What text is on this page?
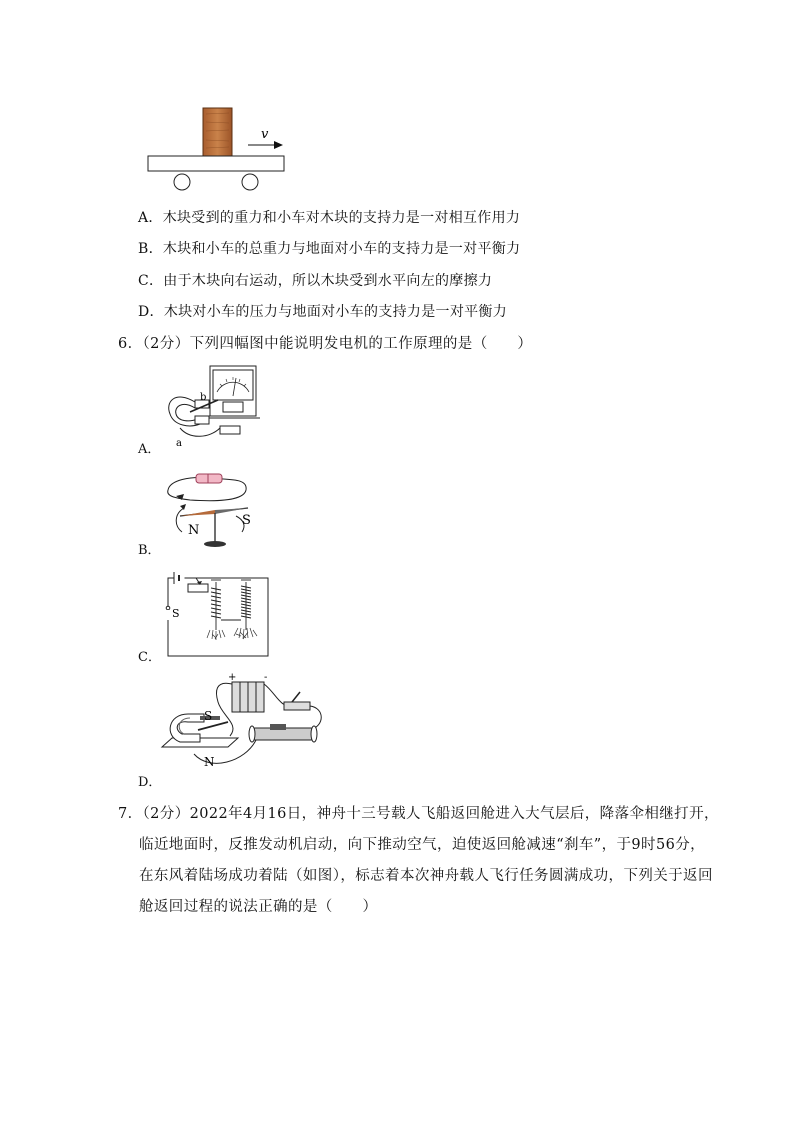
v
A．木块受到的重力和小车对木块的支持力是一对相互作用力
B．木块和小车的总重力与地面对小车的支持力是一对平衡力
C．由于木块向右运动，所以木块受到水平向左的摩擦力
D．木块对小车的压力与地面对小车的支持力是一对平衡力
6．（2分）下列四幅图中能说明发电机的工作原理的是（　　）
a
b
A．
N
S
B．
S
C．
+	-
S
N
D．
7．（2分）2022年4月16日，神舟十三号载人飞船返回舱进入大气层后，降落伞相继打开，
临近地面时，反推发动机启动，向下推动空气，迫使返回舱减速“刹车”，于9时56分，
在东风着陆场成功着陆（如图），标志着本次神舟载人飞行任务圆满成功，下列关于返回
舱返回过程的说法正确的是（　　）
